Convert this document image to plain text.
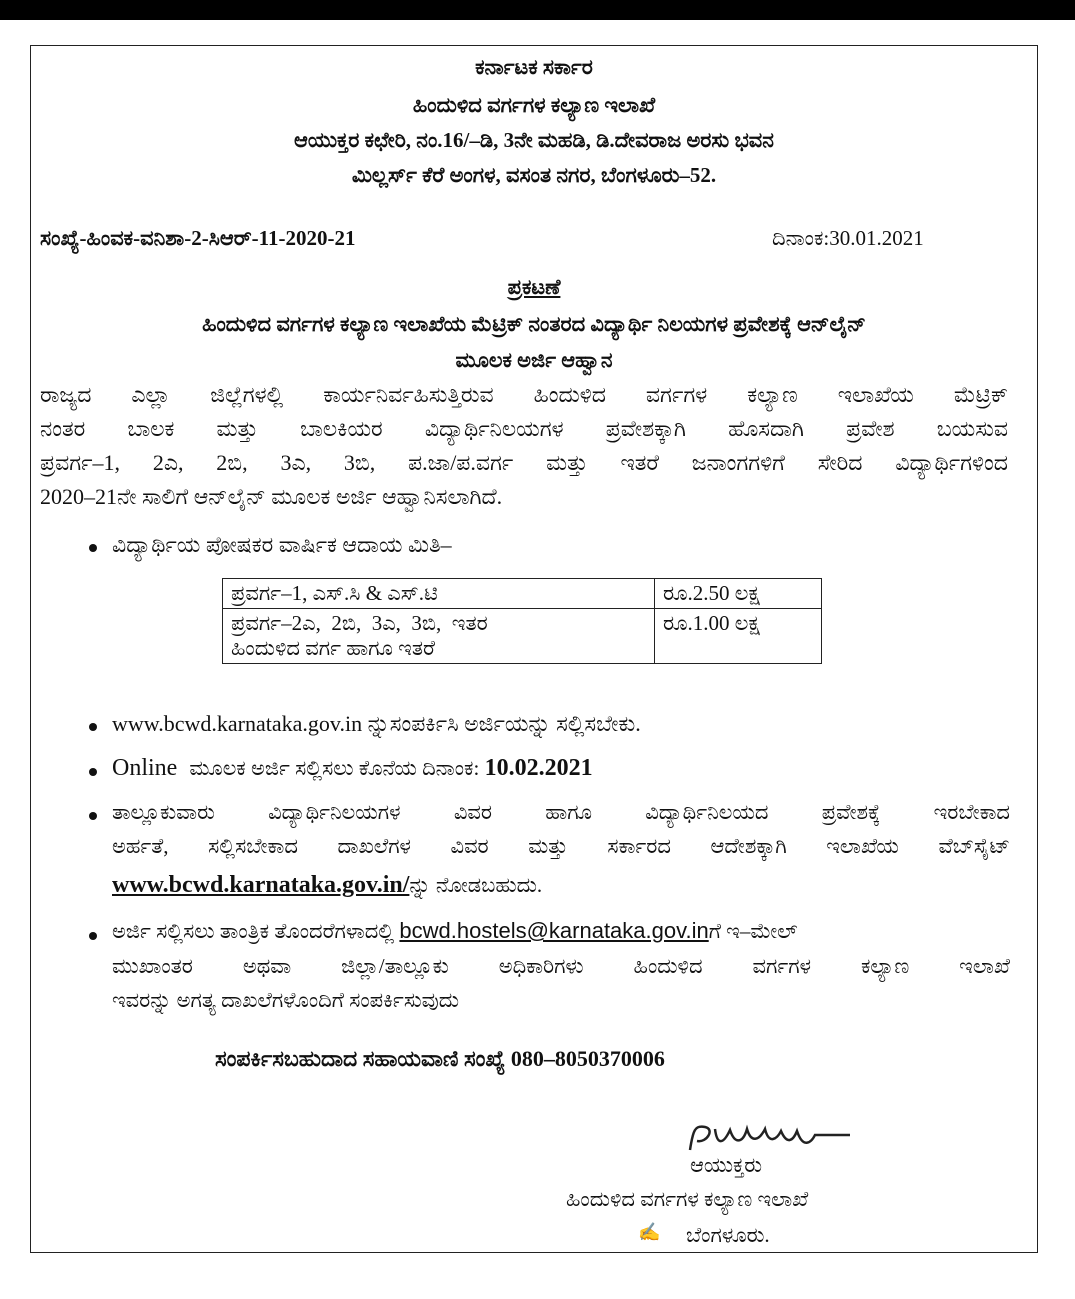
ಕರ್ನಾಟಕ ಸರ್ಕಾರ
ಹಿಂದುಳಿದ ವರ್ಗಗಳ ಕಲ್ಯಾಣ ಇಲಾಖೆ
ಆಯುಕ್ತರ ಕಛೇರಿ, ನಂ.16/–ಡಿ, 3ನೇ ಮಹಡಿ, ಡಿ.ದೇವರಾಜ ಅರಸು ಭವನ
ಮಿಲ್ಲರ್ಸ್ ಕೆರೆ ಅಂಗಳ, ವಸಂತ ನಗರ, ಬೆಂಗಳೂರು–52.
ಸಂಖ್ಯೆ-ಹಿಂವಕ-ವನಿಶಾ-2-ಸಿಆರ್-11-2020-21	ದಿನಾಂಕ:30.01.2021
ಪ್ರಕಟಣೆ
ಹಿಂದುಳಿದ ವರ್ಗಗಳ ಕಲ್ಯಾಣ ಇಲಾಖೆಯ ಮೆಟ್ರಿಕ್ ನಂತರದ ವಿದ್ಯಾರ್ಥಿ ನಿಲಯಗಳ ಪ್ರವೇಶಕ್ಕೆ ಆನ್‌ಲೈನ್
ಮೂಲಕ ಅರ್ಜಿ ಆಹ್ವಾನ
ರಾಜ್ಯದ ಎಲ್ಲಾ ಜಿಲ್ಲೆಗಳಲ್ಲಿ ಕಾರ್ಯನಿರ್ವಹಿಸುತ್ತಿರುವ ಹಿಂದುಳಿದ ವರ್ಗಗಳ ಕಲ್ಯಾಣ ಇಲಾಖೆಯ ಮೆಟ್ರಿಕ್
ನಂತರ ಬಾಲಕ ಮತ್ತು ಬಾಲಕಿಯರ ವಿದ್ಯಾರ್ಥಿನಿಲಯಗಳ ಪ್ರವೇಶಕ್ಕಾಗಿ ಹೊಸದಾಗಿ ಪ್ರವೇಶ ಬಯಸುವ
ಪ್ರವರ್ಗ–1, 2ಎ, 2ಬಿ, 3ಎ, 3ಬಿ, ಪ.ಜಾ/ಪ.ವರ್ಗ ಮತ್ತು ಇತರೆ ಜನಾಂಗಗಳಿಗೆ ಸೇರಿದ ವಿದ್ಯಾರ್ಥಿಗಳಿಂದ
2020–21ನೇ ಸಾಲಿಗೆ ಆನ್‌ಲೈನ್ ಮೂಲಕ ಅರ್ಜಿ ಆಹ್ವಾನಿಸಲಾಗಿದೆ.
ವಿದ್ಯಾರ್ಥಿಯ ಪೋಷಕರ ವಾರ್ಷಿಕ ಆದಾಯ ಮಿತಿ–
ಪ್ರವರ್ಗ–1, ಎಸ್.ಸಿ & ಎಸ್.ಟಿ	ರೂ.2.50 ಲಕ್ಷ

ಪ್ರವರ್ಗ–2ಎ,  2ಬಿ,  3ಎ,  3ಬಿ,  ಇತರ
ಹಿಂದುಳಿದ ವರ್ಗ ಹಾಗೂ ಇತರೆ	ರೂ.1.00 ಲಕ್ಷ
www.bcwd.karnataka.gov.in ನ್ನುಸಂಪರ್ಕಿಸಿ ಅರ್ಜಿಯನ್ನು ಸಲ್ಲಿಸಬೇಕು.
Online ಮೂಲಕ ಅರ್ಜಿ ಸಲ್ಲಿಸಲು ಕೊನೆಯ ದಿನಾಂಕ: 10.02.2021
ತಾಲ್ಲೂಕುವಾರು ವಿದ್ಯಾರ್ಥಿನಿಲಯಗಳ ವಿವರ ಹಾಗೂ ವಿದ್ಯಾರ್ಥಿನಿಲಯದ ಪ್ರವೇಶಕ್ಕೆ ಇರಬೇಕಾದ
ಅರ್ಹತೆ, ಸಲ್ಲಿಸಬೇಕಾದ ದಾಖಲೆಗಳ ವಿವರ ಮತ್ತು ಸರ್ಕಾರದ ಆದೇಶಕ್ಕಾಗಿ ಇಲಾಖೆಯ ವೆಬ್‌ಸೈಟ್
www.bcwd.karnataka.gov.in/ನ್ನು ನೋಡಬಹುದು.
ಅರ್ಜಿ ಸಲ್ಲಿಸಲು ತಾಂತ್ರಿಕ ತೊಂದರೆಗಳಾದಲ್ಲಿ bcwd.hostels@karnataka.gov.inಗೆ ಇ–ಮೇಲ್
ಮುಖಾಂತರ ಅಥವಾ ಜಿಲ್ಲಾ/ತಾಲ್ಲೂಕು ಅಧಿಕಾರಿಗಳು ಹಿಂದುಳಿದ ವರ್ಗಗಳ ಕಲ್ಯಾಣ ಇಲಾಖೆ
ಇವರನ್ನು ಅಗತ್ಯ ದಾಖಲೆಗಳೊಂದಿಗೆ ಸಂಪರ್ಕಿಸುವುದು
ಸಂಪರ್ಕಿಸಬಹುದಾದ ಸಹಾಯವಾಣಿ ಸಂಖ್ಯೆ 080–8050370006
ಆಯುಕ್ತರು
ಹಿಂದುಳಿದ ವರ್ಗಗಳ ಕಲ್ಯಾಣ ಇಲಾಖೆ
✍ ಬೆಂಗಳೂರು.
